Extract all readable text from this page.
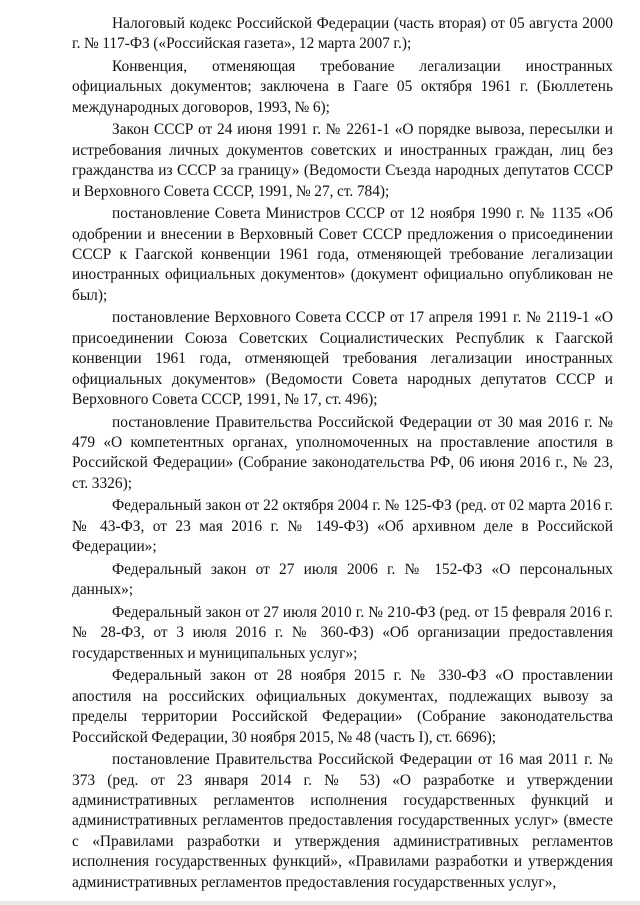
Налоговый кодекс Российской Федерации (часть вторая) от 05 августа 2000 г. № 117-ФЗ («Российская газета», 12 марта 2007 г.);

Конвенция, отменяющая требование легализации иностранных официальных документов; заключена в Гааге 05 октября 1961 г. (Бюллетень международных договоров, 1993, № 6);

Закон СССР от 24 июня 1991 г. № 2261-1 «О порядке вывоза, пересылки и истребования личных документов советских и иностранных граждан, лиц без гражданства из СССР за границу» (Ведомости Съезда народных депутатов СССР и Верховного Совета СССР, 1991, № 27, ст. 784);

постановление Совета Министров СССР от 12 ноября 1990 г. № 1135 «Об одобрении и внесении в Верховный Совет СССР предложения о присоединении СССР к Гаагской конвенции 1961 года, отменяющей требование легализации иностранных официальных документов» (документ официально опубликован не был);

постановление Верховного Совета СССР от 17 апреля 1991 г. № 2119-1 «О присоединении Союза Советских Социалистических Республик к Гаагской конвенции 1961 года, отменяющей требования легализации иностранных официальных документов» (Ведомости Совета народных депутатов СССР и Верховного Совета СССР, 1991, № 17, ст. 496);

постановление Правительства Российской Федерации от 30 мая 2016 г. № 479 «О компетентных органах, уполномоченных на проставление апостиля в Российской Федерации» (Собрание законодательства РФ, 06 июня 2016 г., № 23, ст. 3326);

Федеральный закон от 22 октября 2004 г. № 125-ФЗ (ред. от 02 марта 2016 г. № 43-ФЗ, от 23 мая 2016 г. № 149-ФЗ) «Об архивном деле в Российской Федерации»;

Федеральный закон от 27 июля 2006 г. № 152-ФЗ «О персональных данных»;

Федеральный закон от 27 июля 2010 г. № 210-ФЗ (ред. от 15 февраля 2016 г. № 28-ФЗ, от 3 июля 2016 г. № 360-ФЗ) «Об организации предоставления государственных и муниципальных услуг»;

Федеральный закон от 28 ноября 2015 г. № 330-ФЗ «О проставлении апостиля на российских официальных документах, подлежащих вывозу за пределы территории Российской Федерации» (Собрание законодательства Российской Федерации, 30 ноября 2015, № 48 (часть I), ст. 6696);

постановление Правительства Российской Федерации от 16 мая 2011 г. № 373 (ред. от 23 января 2014 г. № 53) «О разработке и утверждении административных регламентов исполнения государственных функций и административных регламентов предоставления государственных услуг» (вместе с «Правилами разработки и утверждения административных регламентов исполнения государственных функций», «Правилами разработки и утверждения административных регламентов предоставления государственных услуг»,
